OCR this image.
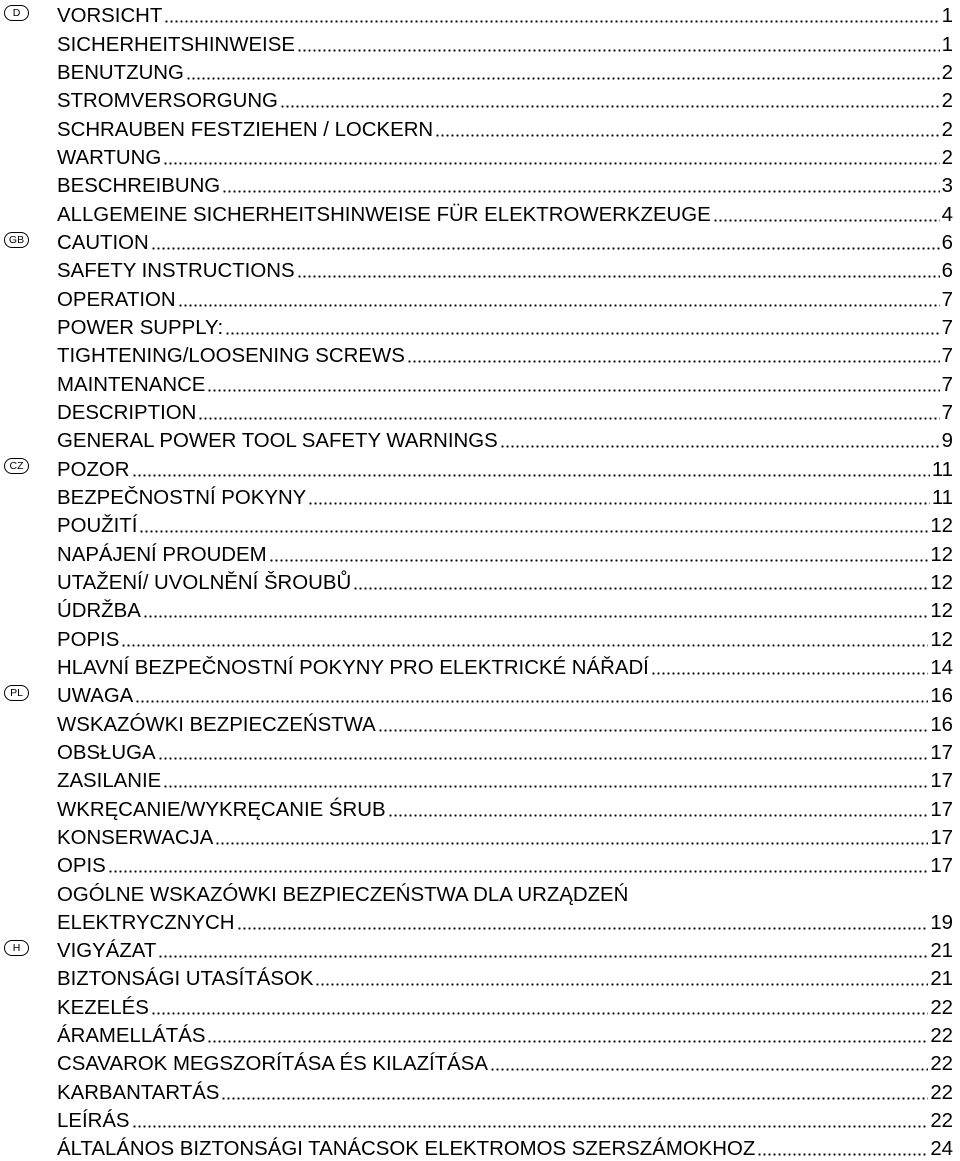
D	VORSICHT	1
SICHERHEITSHINWEISE	1
BENUTZUNG	2
STROMVERSORGUNG	2
SCHRAUBEN FESTZIEHEN / LOCKERN	2
WARTUNG	2
BESCHREIBUNG	3
ALLGEMEINE SICHERHEITSHINWEISE FÜR ELEKTROWERKZEUGE	4
GB CAUTION	6
SAFETY INSTRUCTIONS	6
OPERATION	7
POWER SUPPLY:	7
TIGHTENING/LOOSENING SCREWS	7
MAINTENANCE	7
DESCRIPTION	7
GENERAL POWER TOOL SAFETY WARNINGS	9
CZ POZOR	11
BEZPEČNOSTNÍ POKYNY	11
POUŽITÍ	12
NAPÁJENÍ PROUDEM	12
UTAŽENÍ/ UVOLNĚNÍ ŠROUBŮ	12
ÚDRŽBA	12
POPIS	12
HLAVNÍ BEZPEČNOSTNÍ POKYNY PRO ELEKTRICKÉ NÁŘADÍ	14
PL UWAGA	16
WSKAZÓWKI BEZPIECZEŃSTWA	16
OBSŁUGA	17
ZASILANIE	17
WKRĘCANIE/WYKRĘCANIE ŚRUB	17
KONSERWACJA	17
OPIS	17
OGÓLNE WSKAZÓWKI BEZPIECZEŃSTWA DLA URZĄDZEŃ
ELEKTRYCZNYCH	19
H	VIGYÁZAT	21
BIZTONSÁGI UTASÍTÁSOK	21
KEZELÉS	22
ÁRAMELLÁTÁS	22
CSAVAROK MEGSZORÍTÁSA ÉS KILAZÍTÁSA	22
KARBANTARTÁS	22
LEÍRÁS	22
ÁLTALÁNOS BIZTONSÁGI TANÁCSOK ELEKTROMOS SZERSZÁMOKHOZ	24
